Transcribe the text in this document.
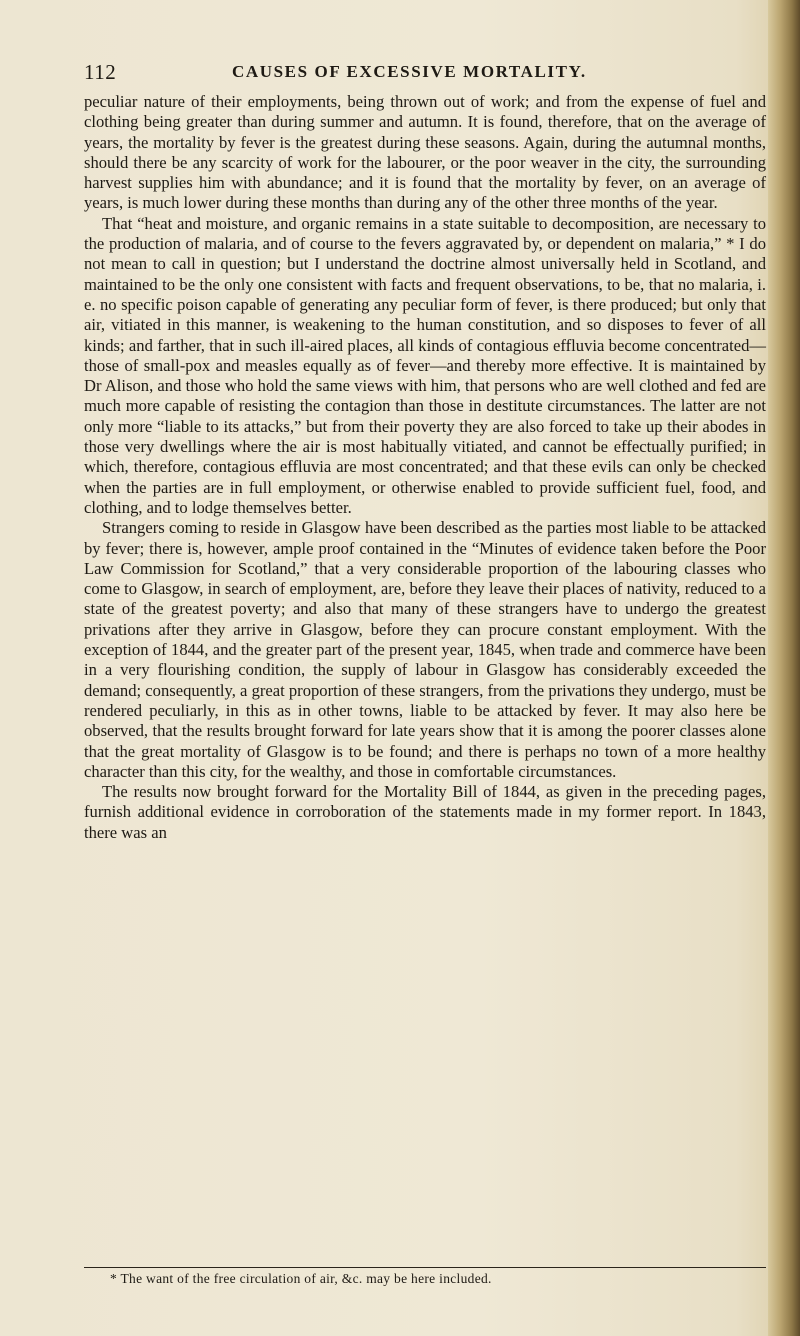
112	CAUSES OF EXCESSIVE MORTALITY.

peculiar nature of their employments, being thrown out of work; and from the expense of fuel and clothing being greater than during summer and autumn. It is found, therefore, that on the average of years, the mortality by fever is the greatest during these seasons. Again, during the autumnal months, should there be any scarcity of work for the labourer, or the poor weaver in the city, the surrounding harvest supplies him with abundance; and it is found that the mortality by fever, on an average of years, is much lower during these months than during any of the other three months of the year.

That “heat and moisture, and organic remains in a state suitable to decomposition, are necessary to the production of malaria, and of course to the fevers aggravated by, or dependent on malaria,” * I do not mean to call in question; but I understand the doctrine almost universally held in Scotland, and maintained to be the only one consistent with facts and frequent observations, to be, that no malaria, i. e. no specific poison capable of generating any peculiar form of fever, is there produced; but only that air, vitiated in this manner, is weakening to the human constitution, and so disposes to fever of all kinds; and farther, that in such ill-aired places, all kinds of contagious effluvia become concentrated—those of small-pox and measles equally as of fever—and thereby more effective. It is maintained by Dr Alison, and those who hold the same views with him, that persons who are well clothed and fed are much more capable of resisting the contagion than those in destitute circumstances. The latter are not only more “liable to its attacks,” but from their poverty they are also forced to take up their abodes in those very dwellings where the air is most habitually vitiated, and cannot be effectually purified; in which, therefore, contagious effluvia are most concentrated; and that these evils can only be checked when the parties are in full employment, or otherwise enabled to provide sufficient fuel, food, and clothing, and to lodge themselves better.

Strangers coming to reside in Glasgow have been described as the parties most liable to be attacked by fever; there is, however, ample proof contained in the “Minutes of evidence taken before the Poor Law Commission for Scotland,” that a very considerable proportion of the labouring classes who come to Glasgow, in search of employment, are, before they leave their places of nativity, reduced to a state of the greatest poverty; and also that many of these strangers have to undergo the greatest privations after they arrive in Glasgow, before they can procure constant employment. With the exception of 1844, and the greater part of the present year, 1845, when trade and commerce have been in a very flourishing condition, the supply of labour in Glasgow has considerably exceeded the demand; consequently, a great proportion of these strangers, from the privations they undergo, must be rendered peculiarly, in this as in other towns, liable to be attacked by fever. It may also here be observed, that the results brought forward for late years show that it is among the poorer classes alone that the great mortality of Glasgow is to be found; and there is perhaps no town of a more healthy character than this city, for the wealthy, and those in comfortable circumstances.

The results now brought forward for the Mortality Bill of 1844, as given in the preceding pages, furnish additional evidence in corroboration of the statements made in my former report. In 1843, there was an

* The want of the free circulation of air, &c. may be here included.
